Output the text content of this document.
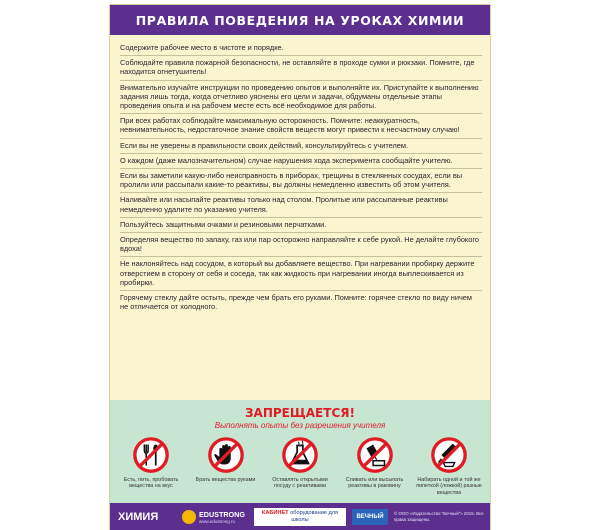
ПРАВИЛА ПОВЕДЕНИЯ НА УРОКАХ ХИМИИ
Содержите рабочее место в чистоте и порядке.
Соблюдайте правила пожарной безопасности, не оставляйте в проходе сумки и рюкзаки. Помните, где находится огнетушитель!
Внимательно изучайте инструкции по проведению опытов и выполняйте их. Приступайте к выполнению задания лишь тогда, когда отчетливо уяснены его цели и задачи, обдуманы отдельные этапы проведения опыта и на рабочем месте есть всё необходимое для работы.
При всех работах соблюдайте максимальную осторожность. Помните: неаккуратность, невнимательность, недостаточное знание свойств веществ могут привести к несчастному случаю!
Если вы не уверены в правильности своих действий, консультируйтесь с учителем.
О каждом (даже малозначительном) случае нарушения хода эксперимента сообщайте учителю.
Если вы заметили какую-либо неисправность в приборах, трещины в стеклянных сосудах, если вы пролили или рассыпали какие-то реактивы, вы должны немедленно известить об этом учителя.
Наливайте или насыпайте реактивы только над столом. Пролитые или рассыпанные реактивы немедленно удалите по указанию учителя.
Пользуйтесь защитными очками и резиновыми перчатками.
Определяя вещество по запаху, газ или пар осторожно направляйте к себе рукой. Не делайте глубокого вдоха!
Не наклоняйтесь над сосудом, в который вы добавляете вещество. При нагревании пробирку держите отверстием в сторону от себя и соседа, так как жидкость при нагревании иногда выплескивается из пробирки.
Горячему стеклу дайте остыть, прежде чем брать его руками. Помните: горячее стекло по виду ничем не отличается от холодного.
ЗАПРЕЩАЕТСЯ!
Выполнять опыты без разрешения учителя
Есть, пить, пробовать вещества на вкус
Брать вещества руками	Оставлять открытыми посуду с реактивами
Сливать или высыпать реактивы в раковину
Набирать одной и той же пипеткой (ложкой) разные вещества
ХИМИЯ	EDUSTRONG
www.edustrong.ru
КАБИНЕТ оборудование для школы	ВЕЧНЫЙ	© ООО «Издательство "Вечный"» 2015. Все права защищены.
